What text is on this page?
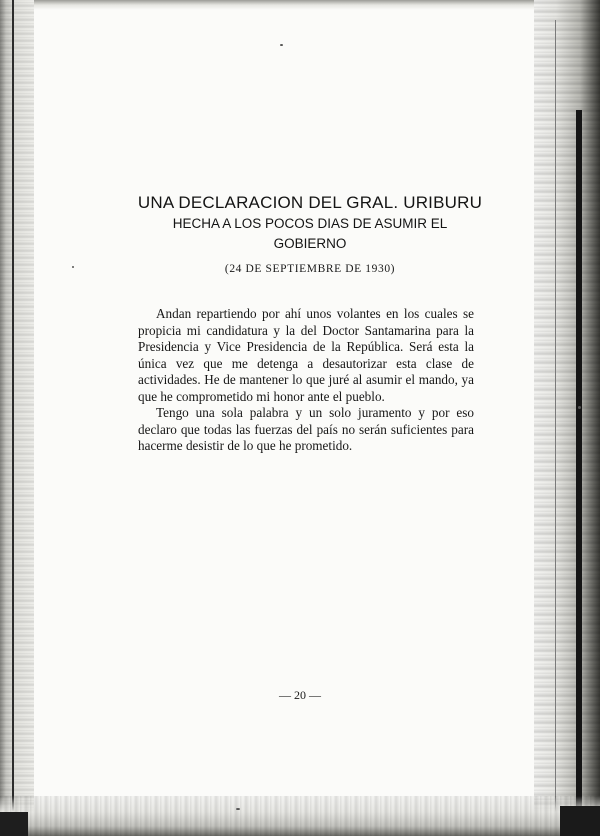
UNA DECLARACION DEL GRAL. URIBURU
HECHA A LOS POCOS DIAS DE ASUMIR EL
GOBIERNO
(24 DE SEPTIEMBRE DE 1930)

Andan repartiendo por ahí unos volantes en los cuales se propicia mi candidatura y la del Doctor Santamarina para la Presidencia y Vice Presidencia de la República. Será esta la única vez que me detenga a desautorizar esta clase de actividades. He de mantener lo que juré al asumir el mando, ya que he comprometido mi honor ante el pueblo.

Tengo una sola palabra y un solo juramento y por eso declaro que todas las fuerzas del país no serán suficientes para hacerme desistir de lo que he prometido.

— 20 —
